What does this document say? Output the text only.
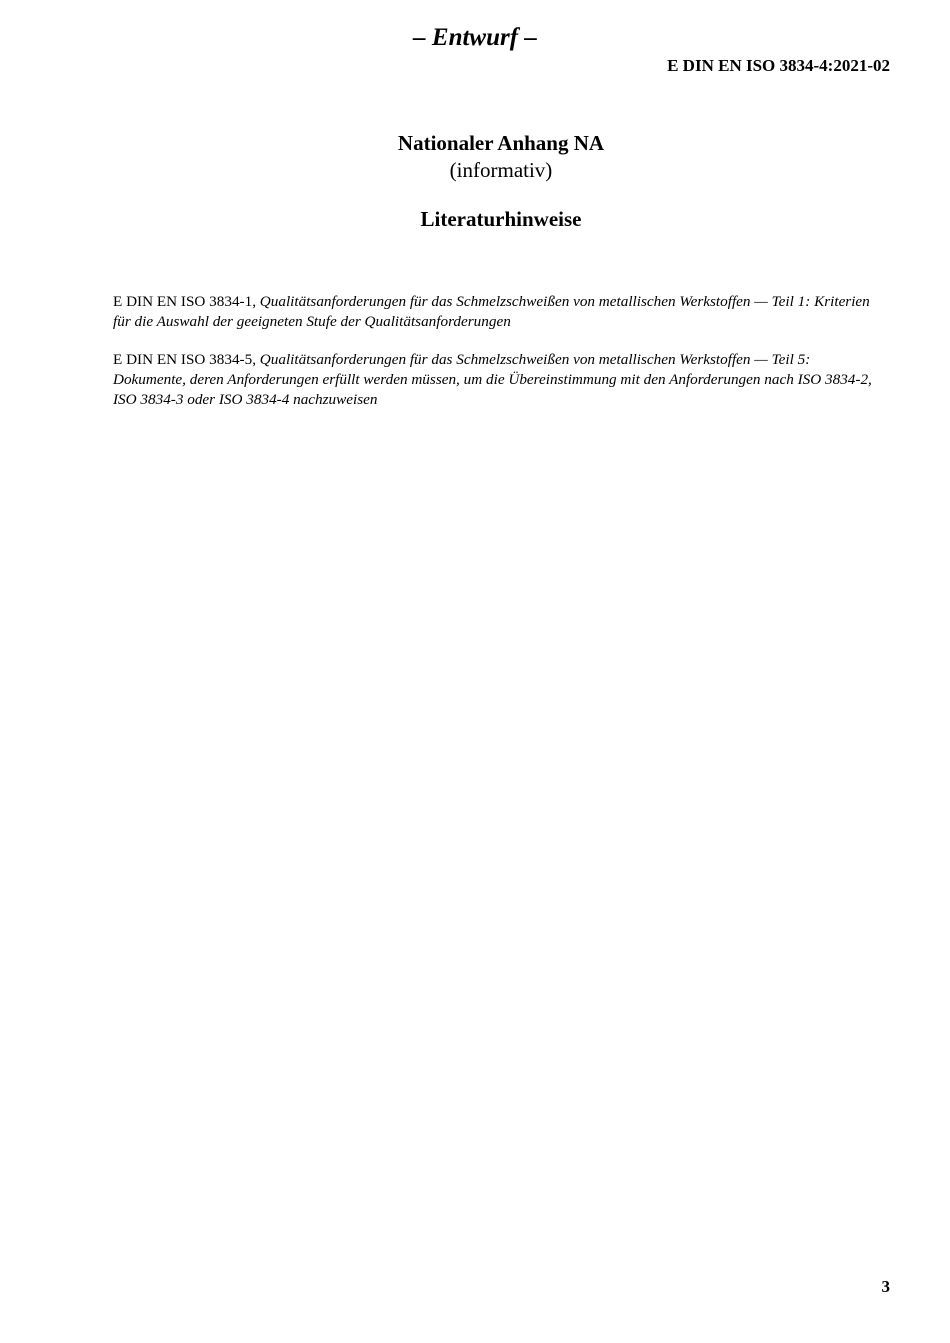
– Entwurf –
E DIN EN ISO 3834-4:2021-02
Nationaler Anhang NA
(informativ)
Literaturhinweise

E DIN EN ISO 3834-1, Qualitätsanforderungen für das Schmelzschweißen von metallischen Werkstoffen — Teil 1: Kriterien für die Auswahl der geeigneten Stufe der Qualitätsanforderungen

E DIN EN ISO 3834-5, Qualitätsanforderungen für das Schmelzschweißen von metallischen Werkstoffen — Teil 5: Dokumente, deren Anforderungen erfüllt werden müssen, um die Übereinstimmung mit den Anforderungen nach ISO 3834-2, ISO 3834-3 oder ISO 3834-4 nachzuweisen

3
